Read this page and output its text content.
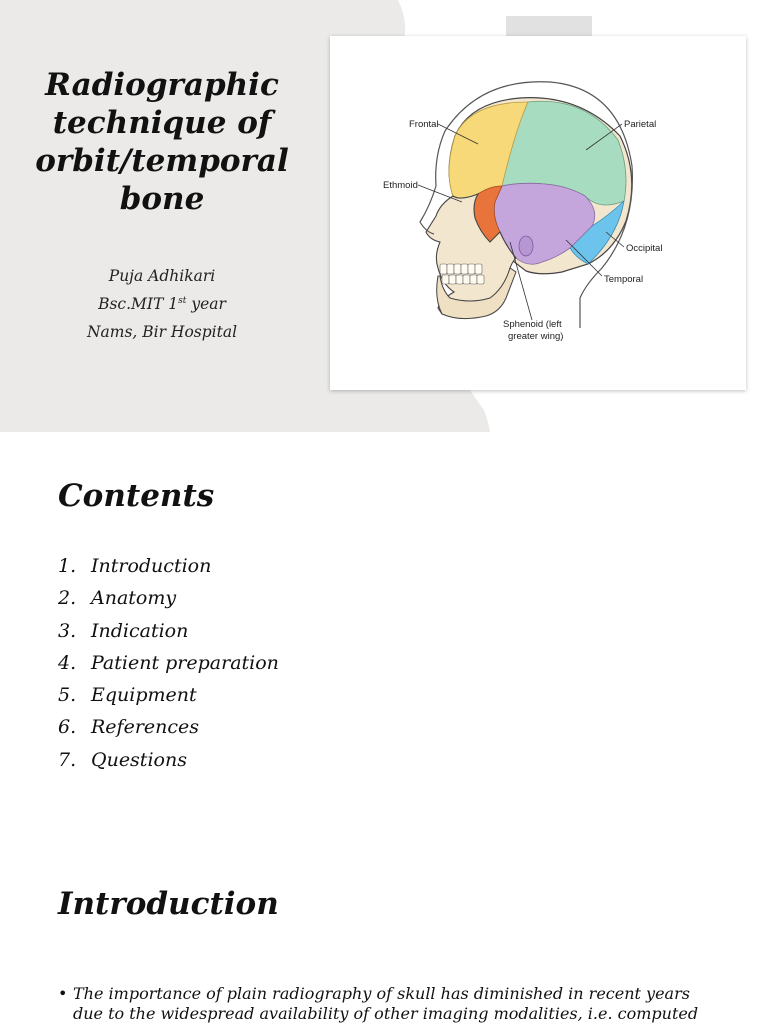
Radiographic
technique of
orbit/temporal
bone
Puja Adhikari
Bsc.MIT 1st year
Nams, Bir Hospital
Frontal	Parietal
Ethmoid
Occipital
Temporal
Sphenoid (left
greater wing)
Contents
1. Introduction
2. Anatomy
3. Indication
4. Patient preparation
5. Equipment
6. References
7. Questions
Introduction
• The importance of plain radiography of skull has diminished in recent years due to the widespread availability of other imaging modalities, i.e. computed
